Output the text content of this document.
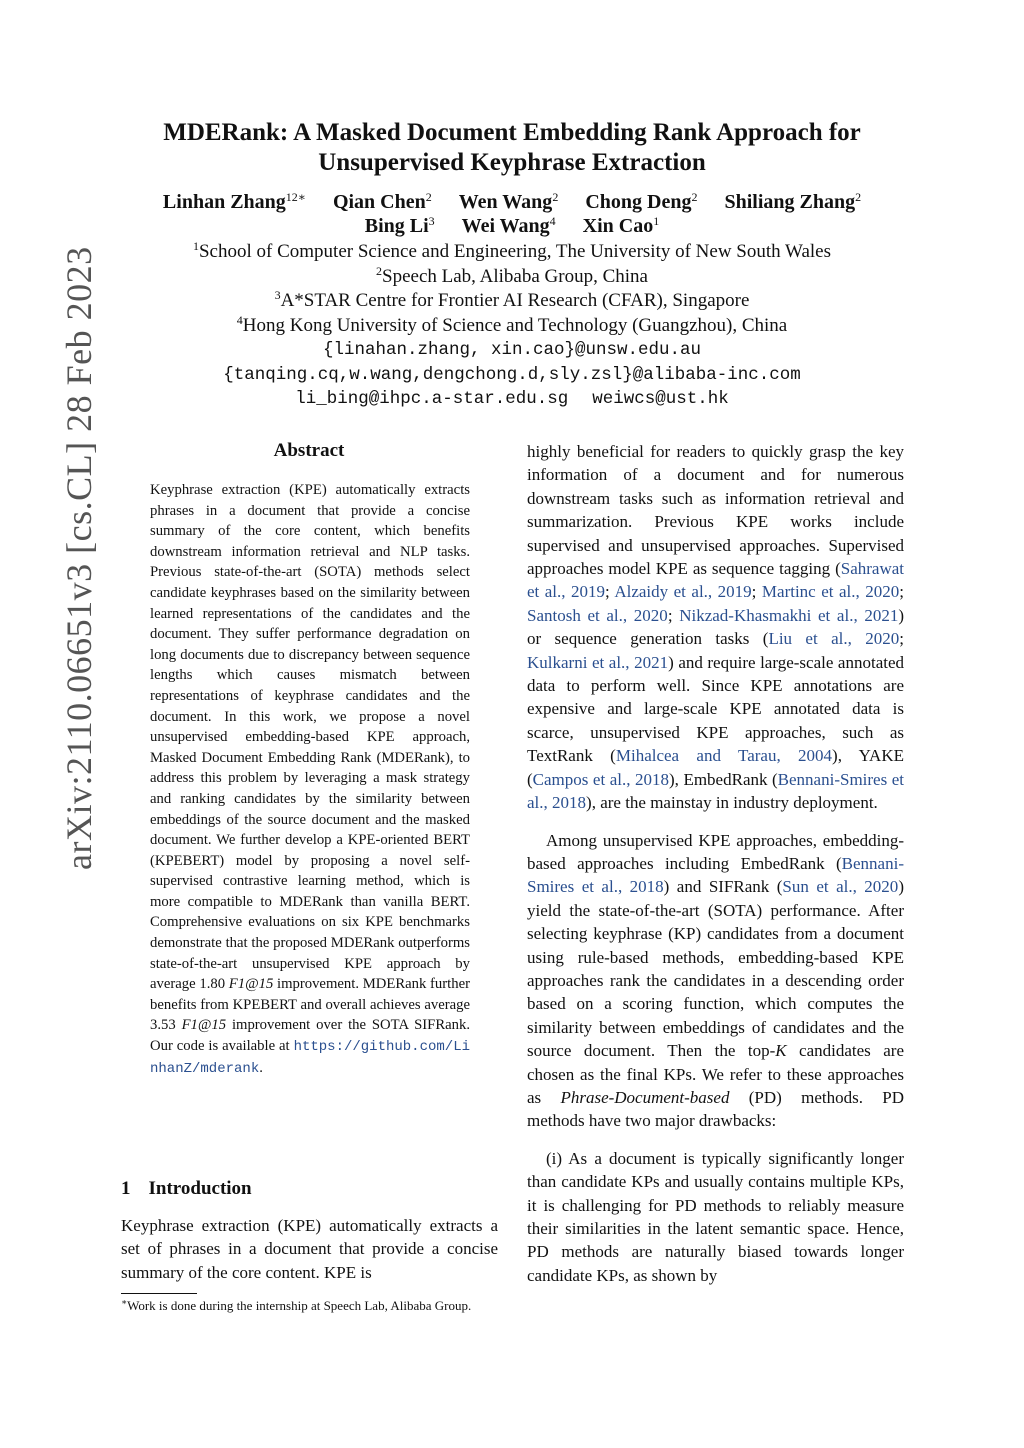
arXiv:2110.06651v3 [cs.CL] 28 Feb 2023
MDERank: A Masked Document Embedding Rank Approach for
Unsupervised Keyphrase Extraction
Linhan Zhang$^{12∗}$ Qian Chen$^2$ Wen Wang$^2$ Chong Deng$^2$ Shiliang Zhang$^2$
Bing Li$^3$ Wei Wang$^4$ Xin Cao$^1$
$^1$School of Computer Science and Engineering, The University of New South Wales
$^2$Speech Lab, Alibaba Group, China
$^3$A*STAR Centre for Frontier AI Research (CFAR), Singapore
$^4$Hong Kong University of Science and Technology (Guangzhou), China
{linahan.zhang, xin.cao}@unsw.edu.au
{tanqing.cq,w.wang,dengchong.d,sly.zsl}@alibaba-inc.com
li_bing@ihpc.a-star.edu.sg weiwcs@ust.hk
Abstract
Keyphrase extraction (KPE) automatically extracts phrases in a document that provide a concise summary of the core content, which benefits downstream information retrieval and NLP tasks. Previous state-of-the-art (SOTA) methods select candidate keyphrases based on the similarity between learned representations of the candidates and the document. They suffer performance degradation on long documents due to discrepancy between sequence lengths which causes mismatch between representations of keyphrase candidates and the document. In this work, we propose a novel unsupervised embedding-based KPE approach, Masked Document Embedding Rank (MDERank), to address this problem by leveraging a mask strategy and ranking candidates by the similarity between embeddings of the source document and the masked document. We further develop a KPE-oriented BERT (KPEBERT) model by proposing a novel self-supervised contrastive learning method, which is more compatible to MDERank than vanilla BERT. Comprehensive evaluations on six KPE benchmarks demonstrate that the proposed MDERank outperforms state-of-the-art unsupervised KPE approach by average 1.80 F1@15 improvement. MDERank further benefits from KPEBERT and overall achieves average 3.53 F1@15 improvement over the SOTA SIFRank. Our code is available at https://github.com/LinhanZ/mderank.
1 Introduction
Keyphrase extraction (KPE) automatically extracts a set of phrases in a document that provide a concise summary of the core content. KPE is
∗Work is done during the internship at Speech Lab, Alibaba Group.

highly beneficial for readers to quickly grasp the key information of a document and for numerous downstream tasks such as information retrieval and summarization. Previous KPE works include supervised and unsupervised approaches. Supervised approaches model KPE as sequence tagging (Sahrawat et al., 2019; Alzaidy et al., 2019; Martinc et al., 2020; Santosh et al., 2020; Nikzad-Khasmakhi et al., 2021) or sequence generation tasks (Liu et al., 2020; Kulkarni et al., 2021) and require large-scale annotated data to perform well. Since KPE annotations are expensive and large-scale KPE annotated data is scarce, unsupervised KPE approaches, such as TextRank (Mihalcea and Tarau, 2004), YAKE (Campos et al., 2018), EmbedRank (Bennani-Smires et al., 2018), are the mainstay in industry deployment.

Among unsupervised KPE approaches, embedding-based approaches including EmbedRank (Bennani-Smires et al., 2018) and SIFRank (Sun et al., 2020) yield the state-of-the-art (SOTA) performance. After selecting keyphrase (KP) candidates from a document using rule-based methods, embedding-based KPE approaches rank the candidates in a descending order based on a scoring function, which computes the similarity between embeddings of candidates and the source document. Then the top-K candidates are chosen as the final KPs. We refer to these approaches as Phrase-Document-based (PD) methods. PD methods have two major drawbacks:

(i) As a document is typically significantly longer than candidate KPs and usually contains multiple KPs, it is challenging for PD methods to reliably measure their similarities in the latent semantic space. Hence, PD methods are naturally biased towards longer candidate KPs, as shown by
